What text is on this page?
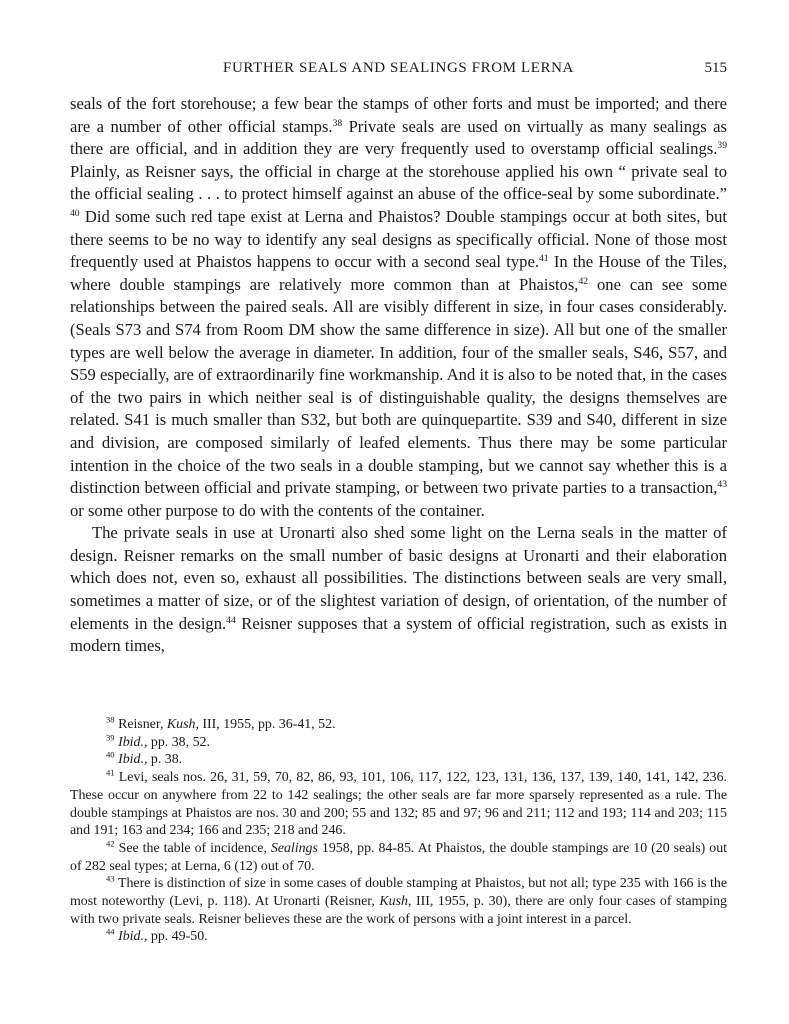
FURTHER SEALS AND SEALINGS FROM LERNA	515

seals of the fort storehouse; a few bear the stamps of other forts and must be imported; and there are a number of other official stamps.$^{38}$ Private seals are used on virtually as many sealings as there are official, and in addition they are very frequently used to overstamp official sealings.$^{39}$ Plainly, as Reisner says, the official in charge at the storehouse applied his own “ private seal to the official sealing . . . to protect himself against an abuse of the office-seal by some subordinate.” $^{40}$ Did some such red tape exist at Lerna and Phaistos? Double stampings occur at both sites, but there seems to be no way to identify any seal designs as specifically official. None of those most frequently used at Phaistos happens to occur with a second seal type.$^{41}$ In the House of the Tiles, where double stampings are relatively more common than at Phaistos,$^{42}$ one can see some relationships between the paired seals. All are visibly different in size, in four cases considerably. (Seals S73 and S74 from Room DM show the same difference in size). All but one of the smaller types are well below the average in diameter. In addition, four of the smaller seals, S46, S57, and S59 especially, are of extraordinarily fine workmanship. And it is also to be noted that, in the cases of the two pairs in which neither seal is of distinguishable quality, the designs themselves are related. S41 is much smaller than S32, but both are quinquepartite. S39 and S40, different in size and division, are composed similarly of leafed elements. Thus there may be some particular intention in the choice of the two seals in a double stamping, but we cannot say whether this is a distinction between official and private stamping, or between two private parties to a transaction,$^{43}$ or some other purpose to do with the contents of the container.

The private seals in use at Uronarti also shed some light on the Lerna seals in the matter of design. Reisner remarks on the small number of basic designs at Uronarti and their elaboration which does not, even so, exhaust all possibilities. The distinctions between seals are very small, sometimes a matter of size, or of the slightest variation of design, of orientation, of the number of elements in the design.$^{44}$ Reisner supposes that a system of official registration, such as exists in modern times,

$^{38}$ Reisner, Kush, III, 1955, pp. 36-41, 52.

$^{39}$ Ibid., pp. 38, 52.

$^{40}$ Ibid., p. 38.

$^{41}$ Levi, seals nos. 26, 31, 59, 70, 82, 86, 93, 101, 106, 117, 122, 123, 131, 136, 137, 139, 140, 141, 142, 236. These occur on anywhere from 22 to 142 sealings; the other seals are far more sparsely represented as a rule. The double stampings at Phaistos are nos. 30 and 200; 55 and 132; 85 and 97; 96 and 211; 112 and 193; 114 and 203; 115 and 191; 163 and 234; 166 and 235; 218 and 246.

$^{42}$ See the table of incidence, Sealings 1958, pp. 84-85. At Phaistos, the double stampings are 10 (20 seals) out of 282 seal types; at Lerna, 6 (12) out of 70.

$^{43}$ There is distinction of size in some cases of double stamping at Phaistos, but not all; type 235 with 166 is the most noteworthy (Levi, p. 118). At Uronarti (Reisner, Kush, III, 1955, p. 30), there are only four cases of stamping with two private seals. Reisner believes these are the work of persons with a joint interest in a parcel.

$^{44}$ Ibid., pp. 49-50.
